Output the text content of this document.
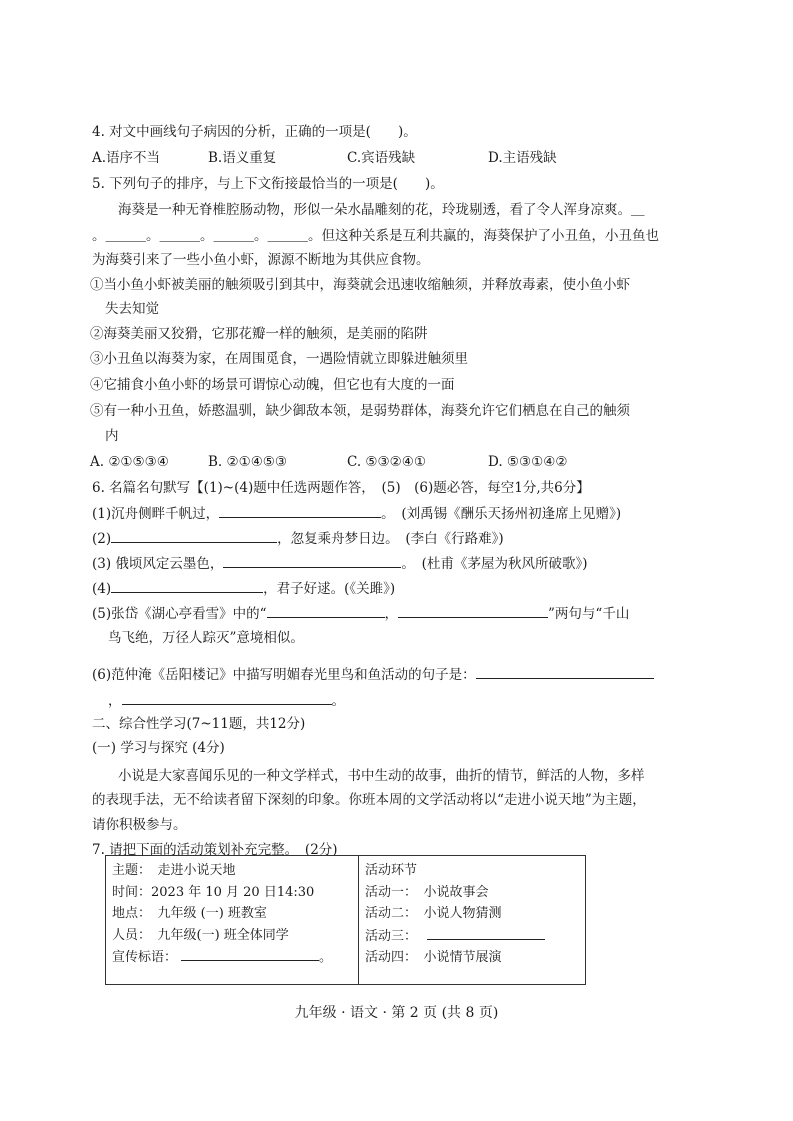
4. 对文中画线句子病因的分析，正确的一项是(　　)。
A.语序不当	B.语义重复	C.宾语残缺	D.主语残缺
5. 下列句子的排序，与上下文衔接最恰当的一项是(　　)。
海葵是一种无脊椎腔肠动物，形似一朵水晶雕刻的花，玲珑剔透，看了令人浑身凉爽。＿
。＿＿＿。＿＿＿。＿＿＿。＿＿＿。但这种关系是互利共赢的，海葵保护了小丑鱼，小丑鱼也
为海葵引来了一些小鱼小虾，源源不断地为其供应食物。
①当小鱼小虾被美丽的触须吸引到其中，海葵就会迅速收缩触须，并释放毒素，使小鱼小虾
失去知觉
②海葵美丽又狡猾，它那花瓣一样的触须，是美丽的陷阱
③小丑鱼以海葵为家，在周围觅食，一遇险情就立即躲进触须里
④它捕食小鱼小虾的场景可谓惊心动魄，但它也有大度的一面
⑤有一种小丑鱼，娇憨温驯，缺少御敌本领，是弱势群体，海葵允许它们栖息在自己的触须
内
A. ②①⑤③④	B. ②①④⑤③	C. ⑤③②④①	D. ⑤③①④②
6. 名篇名句默写【(1)~(4)题中任选两题作答，　(5)　(6)题必答，每空1分,共6分】
(1)沉舟侧畔千帆过，	。　(刘禹锡《酬乐天扬州初逢席上见赠》)
(2)	，忽复乘舟梦日边。　(李白《行路难》)
(3) 俄顷风定云墨色，	。　(杜甫《茅屋为秋风所破歌》)
(4)	，君子好逑。(《关雎》)
(5)张岱《湖心亭看雪》中的“	，	”两句与“千山
鸟飞绝，万径人踪灭”意境相似。
(6)范仲淹《岳阳楼记》中描写明媚春光里鸟和鱼活动的句子是：
，	。
二、综合性学习(7~11题，共12分)
(一) 学习与探究 (4分)
小说是大家喜闻乐见的一种文学样式，书中生动的故事，曲折的情节，鲜活的人物，多样
的表现手法，无不给读者留下深刻的印象。你班本周的文学活动将以“走进小说天地”为主题，
请你积极参与。
7. 请把下面的活动策划补充完整。　(2分)
主题：　走进小说天地
时间：2023 年 10 月 20 日14:30
地点：　九年级 (一) 班教室
人员：　九年级(一) 班全体同学
宣传标语：	。

活动环节
活动一：　小说故事会
活动二：　小说人物猜测
活动三：
活动四：　小说情节展演
九年级 · 语文 · 第 2 页 (共 8 页)
